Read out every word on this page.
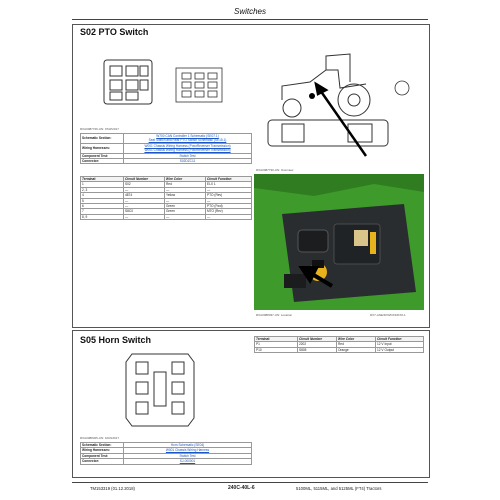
Switches
S02 PTO Switch
RXA0087726-UN: 07AP2017
RXA0087730-UN: Overview
Schematic Section:	W700 CAN Controller 1 Schematic (SE07.1)
Seat Switch and Rear PTO Switch Schematic (SE15.1)

Wiring Harnesses:	W001 Chassis Wiring Harness (PowrReverser Transmission)
W001 Chassis Wiring Harness (PowrReverser Transmission)

Component Test:	Switch Test
Connector:	S02DZC11
Terminal:	Circuit Number	Wire Color	Circuit Function
1	S02	Red	ELX 1
2, 3	—	—	—
4	4874	Yellow	PTO (Rev)
5	—	—	—
6	—	Green	PTO (Fwd)
7	S8C0	Green	MTO (Rev)
8, 9	—	—	—
RXA0088037-UN: Location	DX7-ANE/DX0/DX3/DX0-1
S05 Horn Switch	Terminal:	Circuit Number	Wire Color	Circuit Function
P1	2202	Red	12 V Input
P10	S805	Orange	12 V Output
RXA0088325-UN: 9JUN2017
Schematic Section:	Horn Schematic (SE04)
Wiring Harnesses:	W001 Chassis Wiring Harness
Component Test:	Switch Test
Connector:	SJ-000001
TM153319 (01.12.2018)	240C-40L-6	5100ML, 5115ML, and 5125ML (FT4) Tractors
